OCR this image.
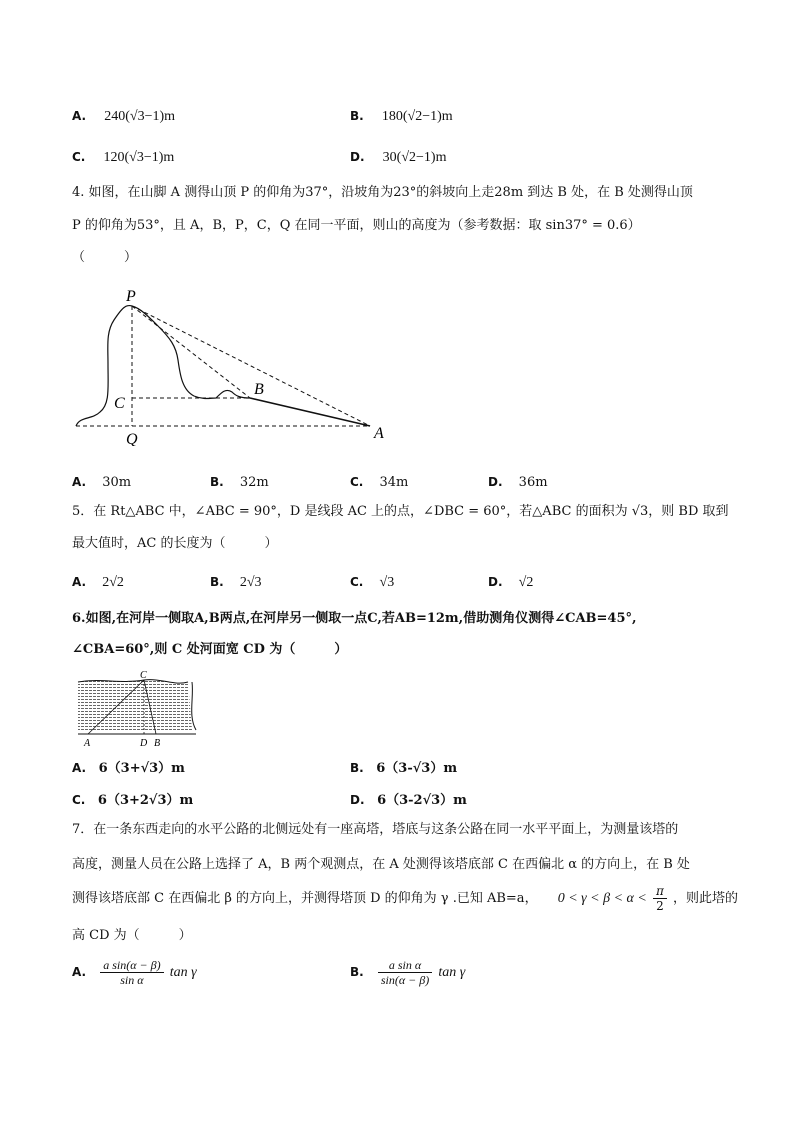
A. 240(√3−1)m	B. 180(√2−1)m
C. 120(√3−1)m	D. 30(√2−1)m
4. 如图，在山脚 A 测得山顶 P 的仰角为37°，沿坡角为23°的斜坡向上走28m 到达 B 处，在 B 处测得山顶
P 的仰角为53°，且 A，B，P，C，Q 在同一平面，则山的高度为（参考数据：取 sin37° = 0.6）
（　　　）
P
C
B
Q	A
A. 30m	B. 32m	C. 34m	D. 36m
5．在 Rt△ABC 中，∠ABC = 90°，D 是线段 AC 上的点，∠DBC = 60°，若△ABC 的面积为 √3，则 BD 取到
最大值时，AC 的长度为（　　　）
A. 2√2	B. 2√3	C. √3	D. √2
6.如图,在河岸一侧取A,B两点,在河岸另一侧取一点C,若AB=12m,借助测角仪测得∠CAB=45°,
∠CBA=60°,则 C 处河面宽 CD 为（　　　）
C
A	D B
A. 6（3+√3）m	B. 6（3-√3）m
C. 6（3+2√3）m	D. 6（3-2√3）m
7．在一条东西走向的水平公路的北侧远处有一座高塔，塔底与这条公路在同一水平平面上，为测量该塔的
高度，测量人员在公路上选择了 A，B 两个观测点，在 A 处测得该塔底部 C 在西偏北 α 的方向上，在 B 处
测得该塔底部 C 在西偏北 β 的方向上，并测得塔顶 D 的仰角为 γ .已知 AB=a， $0 < \gamma < \beta < \alpha < \frac{\pi}{2}$ ，则此塔的
高 CD 为（　　　）
A. $\frac{\text{a sin(α − β)}}{\text{sin α}}$ tan γ	B. $\frac{\text{a sin α}}{\sin(\alpha - \beta)}$ tan γ
